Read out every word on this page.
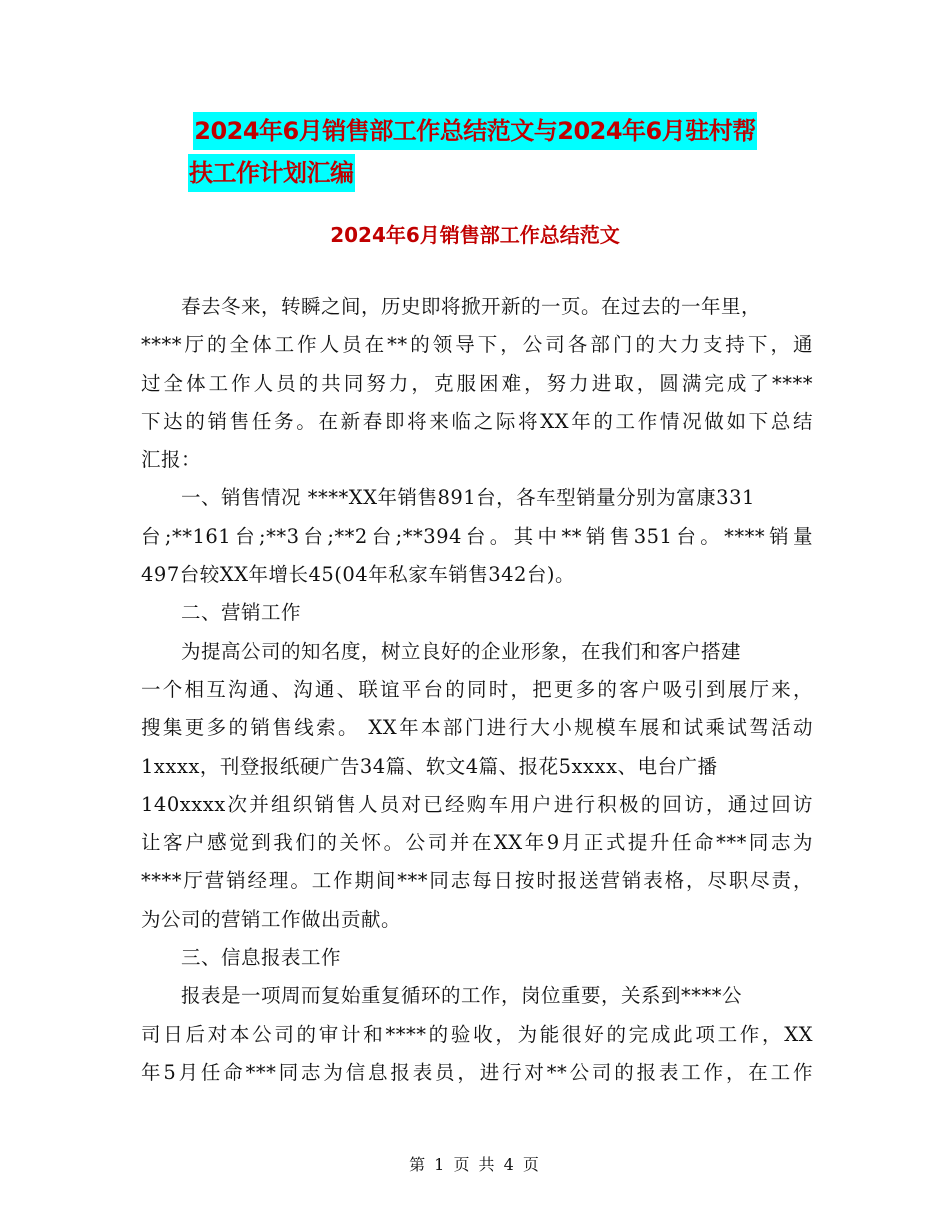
2024年6月销售部工作总结范文与2024年6月驻村帮
扶工作计划汇编
2024年6月销售部工作总结范文
春去冬来，转瞬之间，历史即将掀开新的一页。在过去的一年里，
****厅的全体工作人员在**的领导下，公司各部门的大力支持下，通
过全体工作人员的共同努力，克服困难，努力进取，圆满完成了****
下达的销售任务。在新春即将来临之际将XX年的工作情况做如下总结
汇报：
一、销售情况 ****XX年销售891台，各车型销量分别为富康331
台;**161台;**3台;**2台;**394台。其中**销售351台。****销量
497台较XX年增长45(04年私家车销售342台)。
二、营销工作
为提高公司的知名度，树立良好的企业形象，在我们和客户搭建
一个相互沟通、沟通、联谊平台的同时，把更多的客户吸引到展厅来，
搜集更多的销售线索。 XX年本部门进行大小规模车展和试乘试驾活动
1xxxx，刊登报纸硬广告34篇、软文4篇、报花5xxxx、电台广播
140xxxx次并组织销售人员对已经购车用户进行积极的回访，通过回访
让客户感觉到我们的关怀。公司并在XX年9月正式提升任命***同志为
****厅营销经理。工作期间***同志每日按时报送营销表格，尽职尽责，
为公司的营销工作做出贡献。
三、信息报表工作
报表是一项周而复始重复循环的工作，岗位重要，关系到****公
司日后对本公司的审计和****的验收，为能很好的完成此项工作，XX
年5月任命***同志为信息报表员，进行对**公司的报表工作，在工作
第 1 页 共 4 页
